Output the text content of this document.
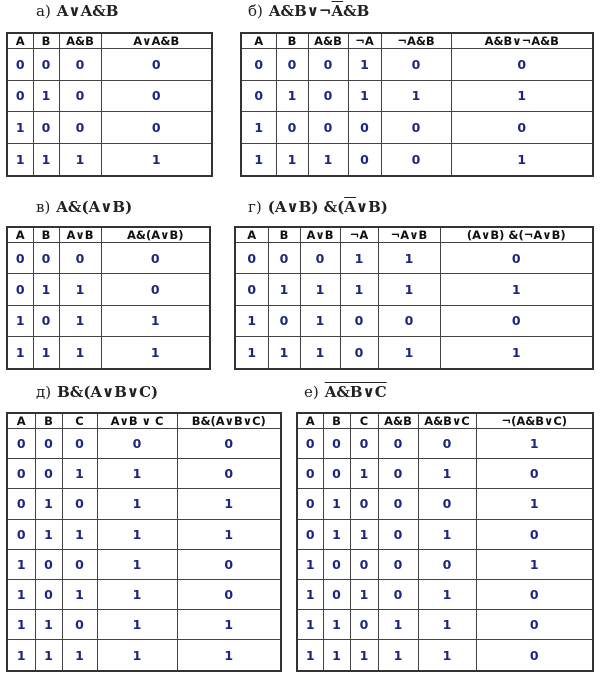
а) A∨A&B
A	B	A&B	A∨A&B
0	0	0	0
0	1	0	0
1	0	0	0
1	1	1	1
б) $A\&B\vee\neg\overline{A}\&B$
A	B	A&B	¬A	¬A&B	A&B∨¬A&B
0	0	0	1	0	0
0	1	0	1	1	1
1	0	0	0	0	0
1	1	1	0	0	1
в) A&(A∨B)
A	B	A∨B	A&(A∨B)
0	0	0	0
0	1	1	0
1	0	1	1
1	1	1	1
г) (A∨B) $\&(\overline{A}\vee B)$
A	B	A∨B	¬A	¬A∨B	(A∨B) &(¬A∨B)
0	0	0	1	1	0
0	1	1	1	1	1
1	0	1	0	0	0
1	1	1	0	1	1
д) B&(A∨B∨C)
A	B	C	A∨B ∨ C	B&(A∨B∨C)
0	0	0	0	0
0	0	1	1	0
0	1	0	1	1
0	1	1	1	1
1	0	0	1	0
1	0	1	1	0
1	1	0	1	1
1	1	1	1	1
е) A&B∨C
A	B	C	A&B	A&B∨C	¬(A&B∨C)
0	0	0	0	0	1
0	0	1	0	1	0
0	1	0	0	0	1
0	1	1	0	1	0
1	0	0	0	0	1
1	0	1	0	1	0
1	1	0	1	1	0
1	1	1	1	1	0
